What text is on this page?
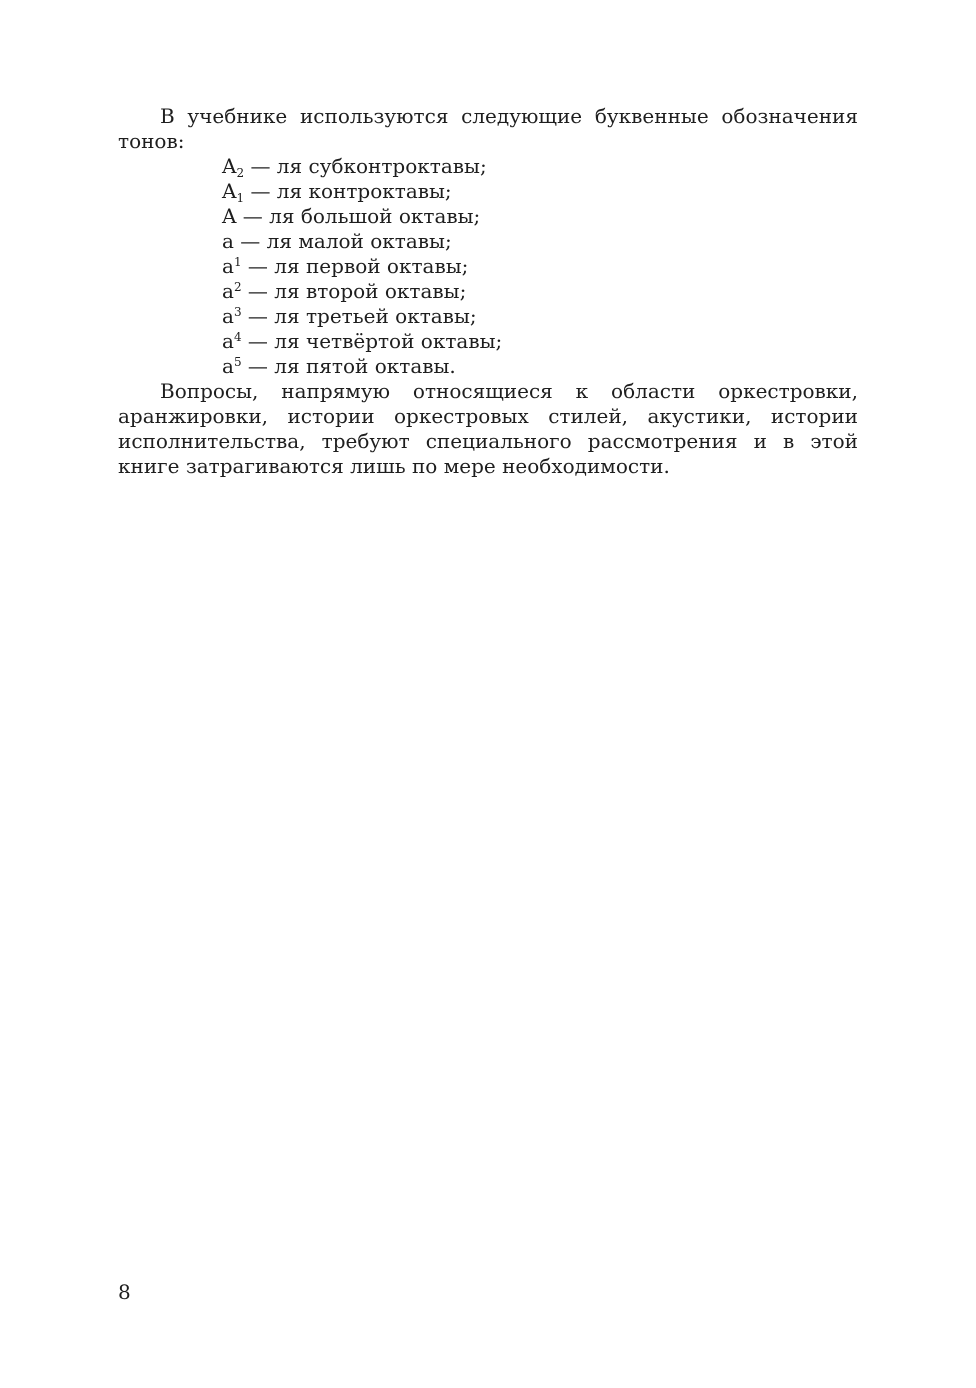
В учебнике используются следующие буквенные обозначения тонов:

$A_2$ — ля субконтроктавы;
$A_1$ — ля контроктавы;
A — ля большой октавы;
a — ля малой октавы;
$a^1$ — ля первой октавы;
$a^2$ — ля второй октавы;
$a^3$ — ля третьей октавы;
$a^4$ — ля четвёртой октавы;
$a^5$ — ля пятой октавы.

Вопросы, напрямую относящиеся к области оркестровки, аранжировки, истории оркестровых стилей, акустики, истории исполнительства, требуют специального рассмотрения и в этой книге затрагиваются лишь по мере необходимости.

8
